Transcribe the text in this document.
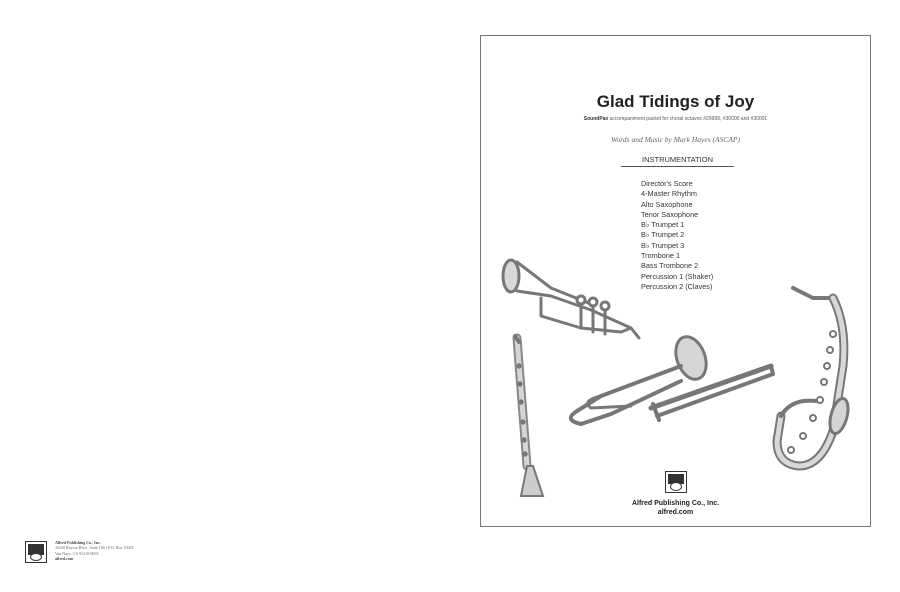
Alfred Publishing Co., Inc.
16320 Roscoe Blvd., Suite 100 • P.O. Box 10003
Van Nuys, CA 91410-0003
alfred.com
Glad Tidings of Joy
SoundPax accompaniment packet for choral octavos #29999, #30000 and #30001
Words and Music by Mark Hayes (ASCAP)
INSTRUMENTATION
Director's Score
4-Master Rhythm
Alto Saxophone
Tenor Saxophone
B♭ Trumpet 1
B♭ Trumpet 2
B♭ Trumpet 3
Trombone 1
Bass Trombone 2
Percussion 1 (Shaker)
Percussion 2 (Claves)
Alfred Publishing Co., Inc.
alfred.com
